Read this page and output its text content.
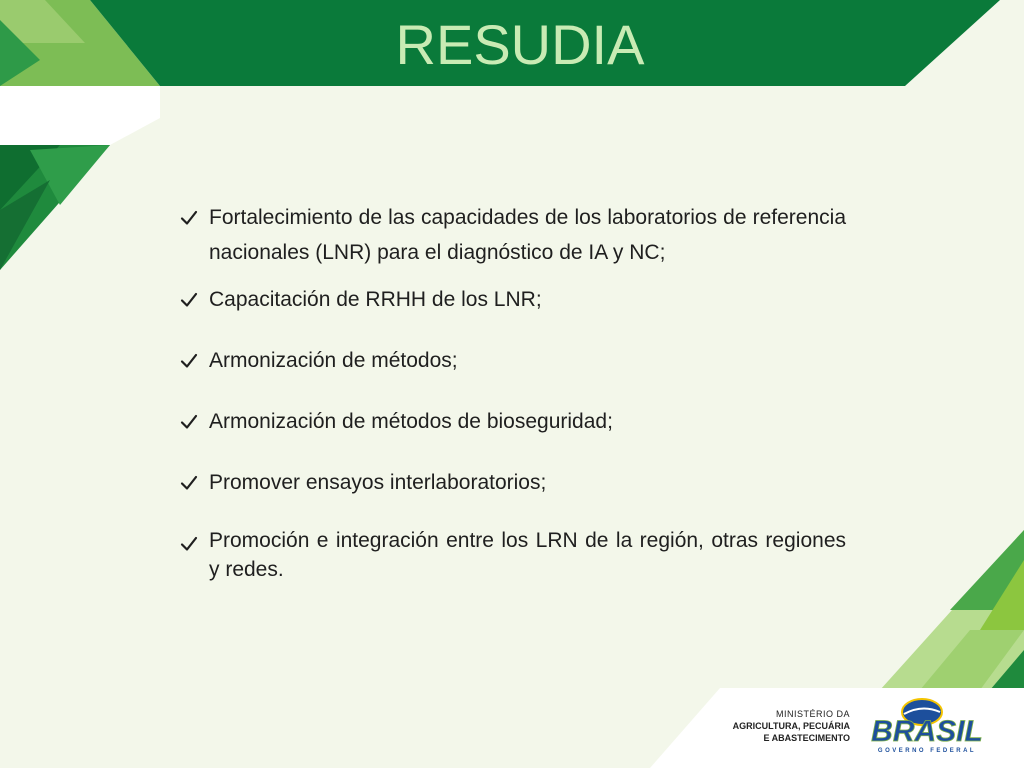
RESUDIA
Fortalecimiento de las capacidades de los laboratorios de referencia nacionales (LNR) para el diagnóstico de IA y NC;
Capacitación de RRHH de los LNR;
Armonización de métodos;
Armonización de métodos de bioseguridad;
Promover ensayos interlaboratorios;
Promoción e integración entre los LRN de la región, otras regiones y redes.
MINISTÉRIO DA
AGRICULTURA, PECUÁRIA
E ABASTECIMENTO BRASIL
GOVERNO FEDERAL
